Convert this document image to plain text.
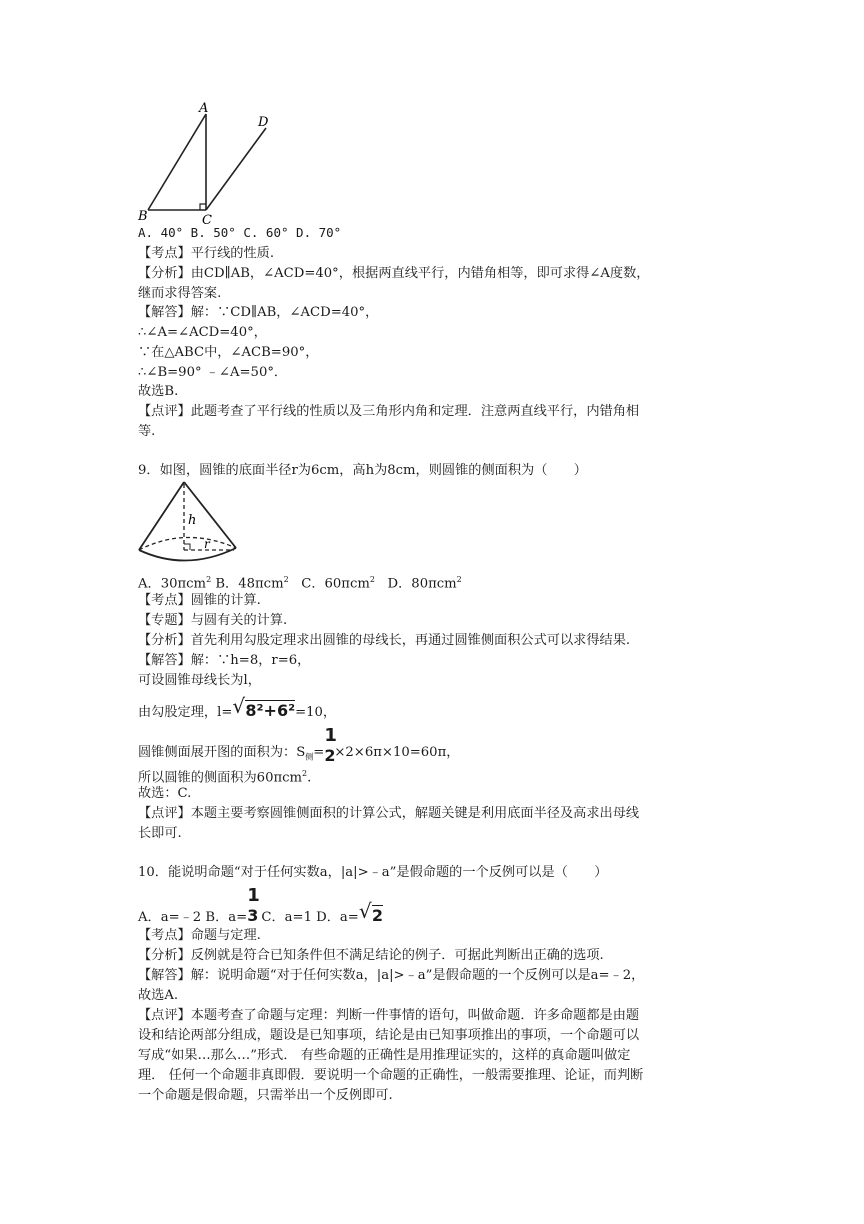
A
B	C
D
A. 40° B. 50° C. 60° D. 70°
【考点】平行线的性质.
【分析】由CD∥AB，∠ACD=40°，根据两直线平行，内错角相等，即可求得∠A度数，
继而求得答案.
【解答】解：∵CD∥AB，∠ACD=40°，
∴∠A=∠ACD=40°，
∵在△ABC中，∠ACB=90°，
∴∠B=90° ﹣∠A=50°．
故选B.
【点评】此题考查了平行线的性质以及三角形内角和定理．注意两直线平行，内错角相
等.
9．如图，圆锥的底面半径r为6cm，高h为8cm，则圆锥的侧面积为（　　）
h
r
A．30πcm$^2$ B．48πcm$^2$ C．60πcm$^2$ D．80πcm$^2$
【考点】圆锥的计算.
【专题】与圆有关的计算.
【分析】首先利用勾股定理求出圆锥的母线长，再通过圆锥侧面积公式可以求得结果.
【解答】解：∵h=8，r=6，
可设圆锥母线长为l，
由勾股定理，l= √ 8²+6²=10，
圆锥侧面展开图的面积为：$S_侧=$
1
2
×2×6π×10=60π，
所以圆锥的侧面积为60πcm$^2$.
故选：C.
【点评】本题主要考察圆锥侧面积的计算公式，解题关键是利用底面半径及高求出母线
长即可.
10．能说明命题“对于任何实数a，|a|>﹣a”是假命题的一个反例可以是（　　）
A．a=﹣2 B．a=
1
3
C．a=1 D．a= √ 2
【考点】命题与定理.
【分析】反例就是符合已知条件但不满足结论的例子．可据此判断出正确的选项.
【解答】解：说明命题“对于任何实数a，|a|>﹣a”是假命题的一个反例可以是a=﹣2，
故选A.
【点评】本题考查了命题与定理：判断一件事情的语句，叫做命题．许多命题都是由题
设和结论两部分组成，题设是已知事项，结论是由已知事项推出的事项，一个命题可以
写成“如果…那么…”形式． 有些命题的正确性是用推理证实的，这样的真命题叫做定
理． 任何一个命题非真即假．要说明一个命题的正确性，一般需要推理、论证，而判断
一个命题是假命题，只需举出一个反例即可.
